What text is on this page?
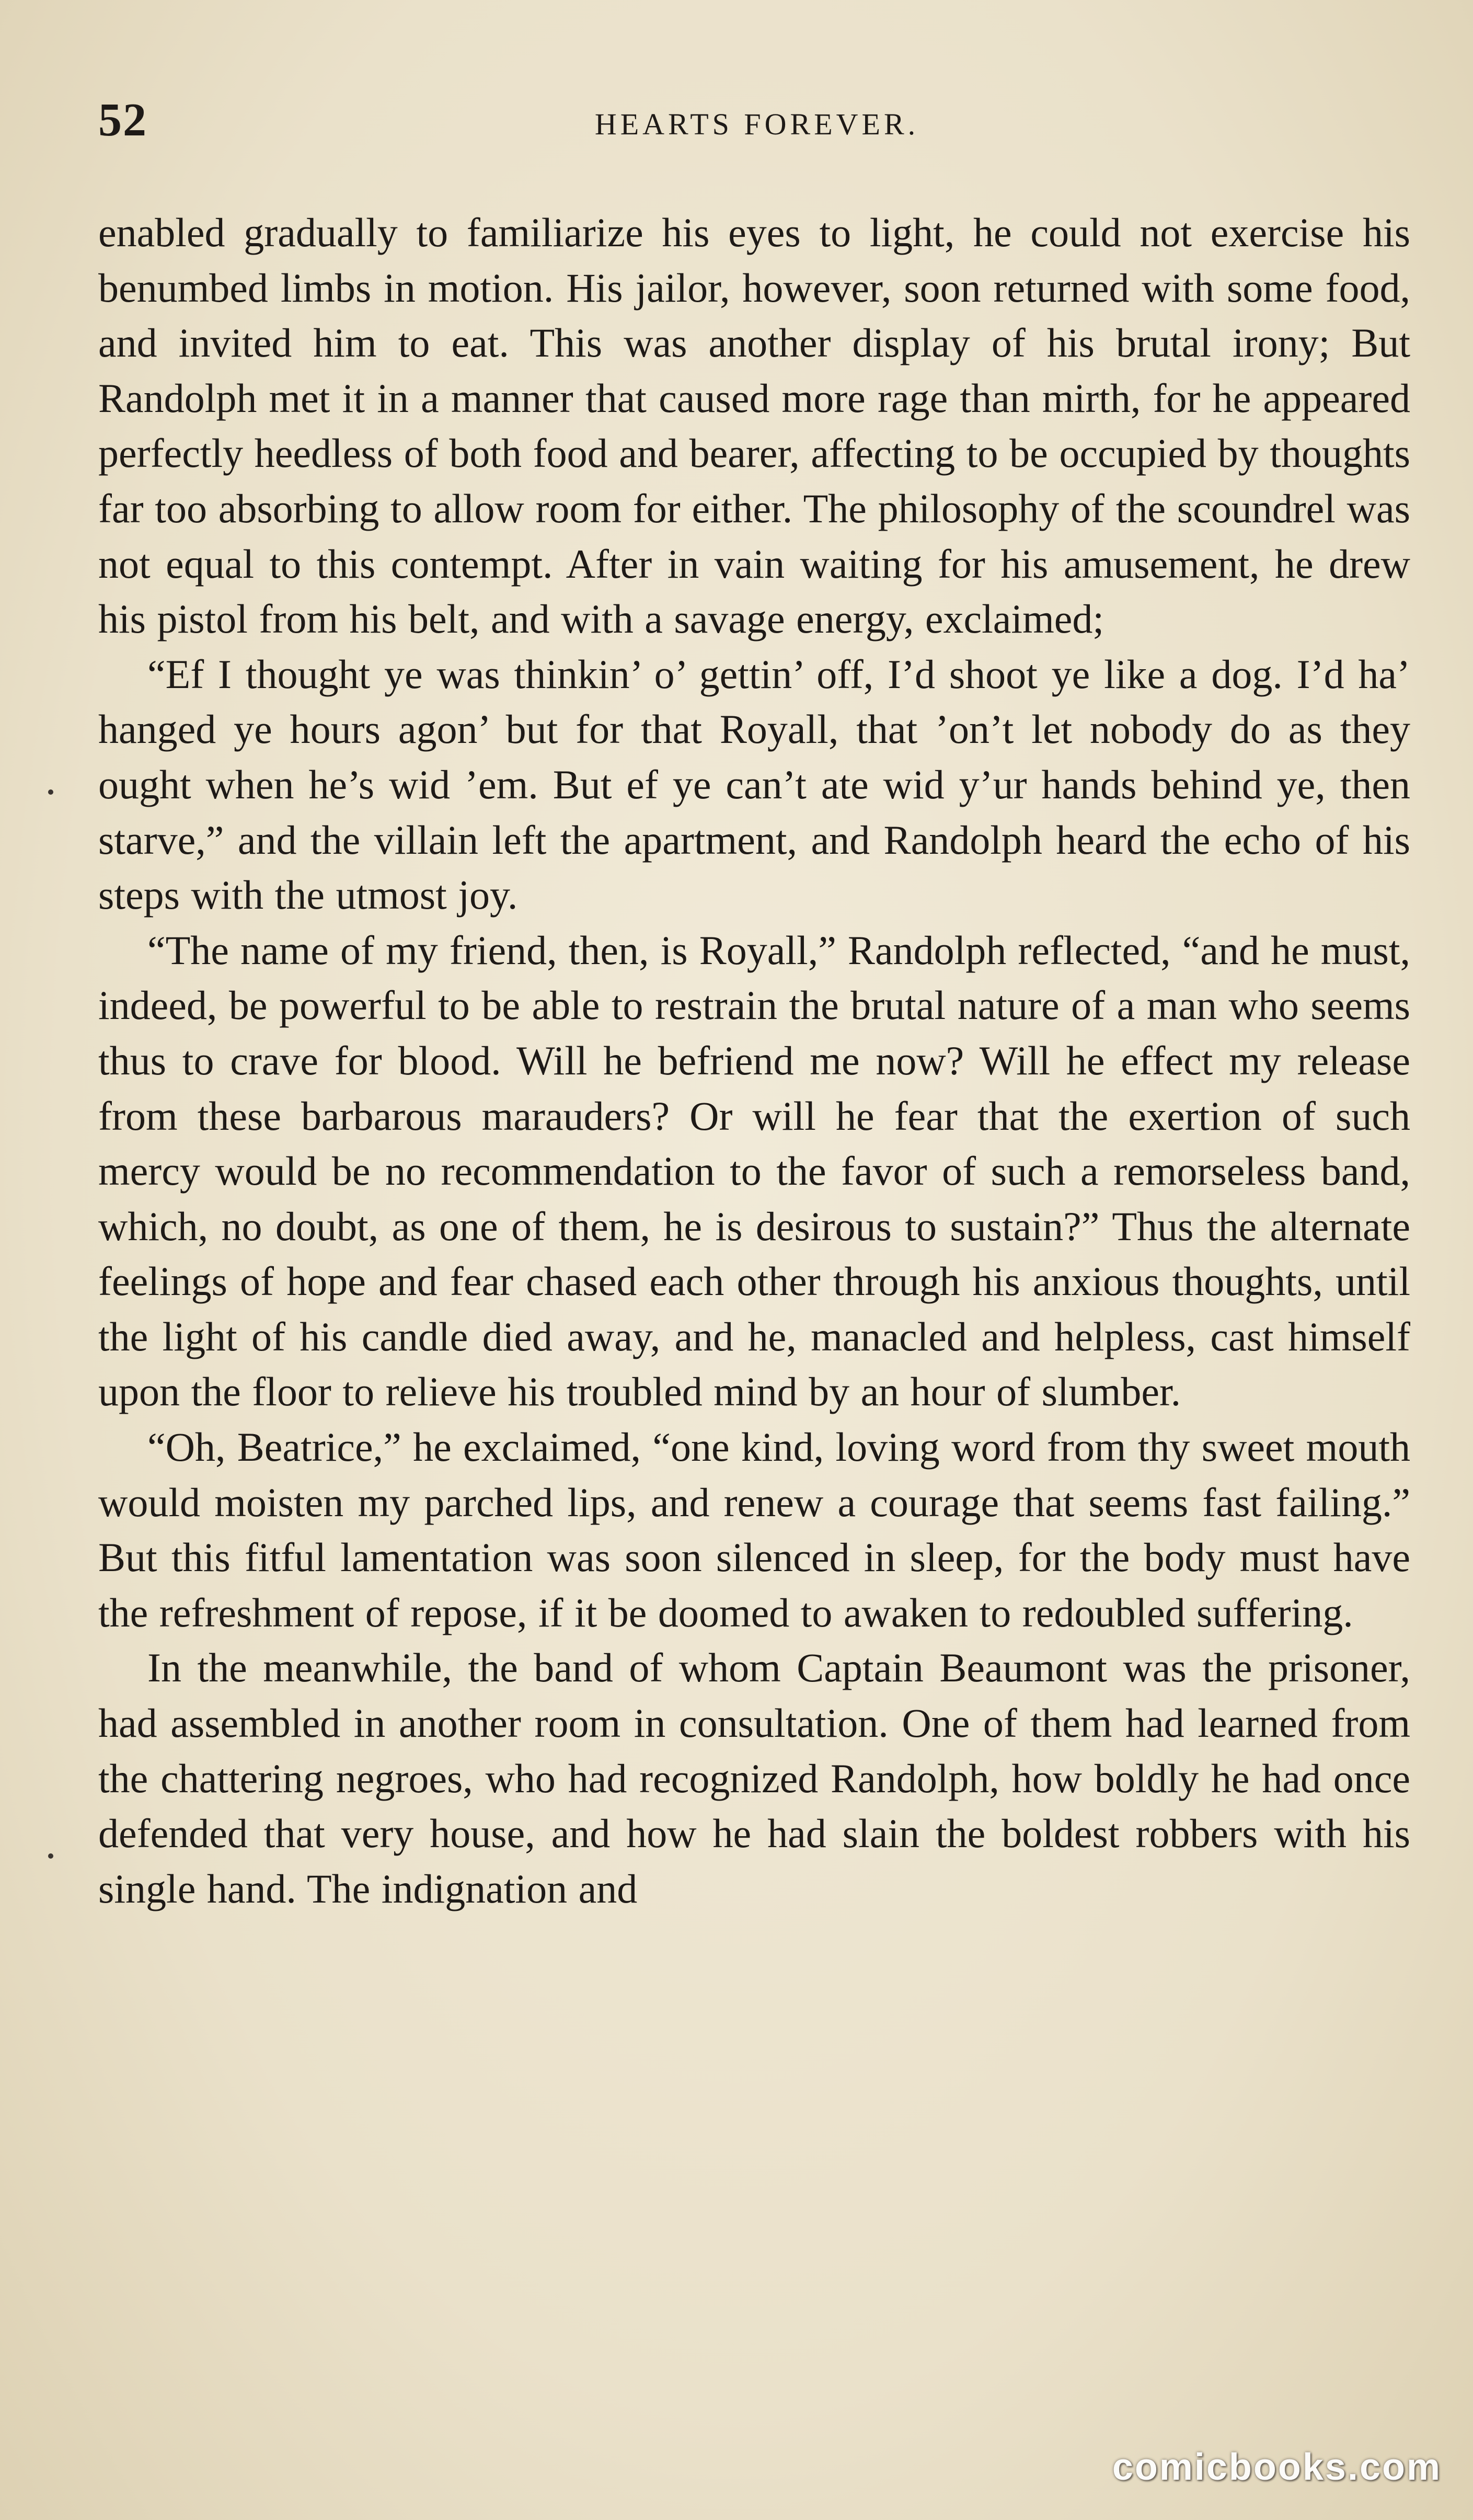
52	HEARTS FOREVER.

enabled gradually to familiarize his eyes to light, he could not exercise his benumbed limbs in motion. His jailor, however, soon returned with some food, and invited him to eat. This was another display of his brutal irony; But Randolph met it in a manner that caused more rage than mirth, for he appeared perfectly heedless of both food and bearer, affecting to be occupied by thoughts far too absorbing to allow room for either. The philosophy of the scoundrel was not equal to this contempt. After in vain waiting for his amusement, he drew his pistol from his belt, and with a savage energy, exclaimed;

“Ef I thought ye was thinkin’ o’ gettin’ off, I’d shoot ye like a dog. I’d ha’ hanged ye hours agon’ but for that Royall, that ’on’t let nobody do as they ought when he’s wid ’em. But ef ye can’t ate wid y’ur hands behind ye, then starve,” and the villain left the apartment, and Randolph heard the echo of his steps with the utmost joy.

“The name of my friend, then, is Royall,” Randolph reflected, “and he must, indeed, be powerful to be able to restrain the brutal nature of a man who seems thus to crave for blood. Will he befriend me now? Will he effect my release from these barbarous marauders? Or will he fear that the exertion of such mercy would be no recommendation to the favor of such a remorseless band, which, no doubt, as one of them, he is desirous to sustain?” Thus the alternate feelings of hope and fear chased each other through his anxious thoughts, until the light of his candle died away, and he, manacled and helpless, cast himself upon the floor to relieve his troubled mind by an hour of slumber.

“Oh, Beatrice,” he exclaimed, “one kind, loving word from thy sweet mouth would moisten my parched lips, and renew a courage that seems fast failing.” But this fitful lamentation was soon silenced in sleep, for the body must have the refreshment of repose, if it be doomed to awaken to redoubled suffering.

In the meanwhile, the band of whom Captain Beaumont was the prisoner, had assembled in another room in consultation. One of them had learned from the chattering negroes, who had recognized Randolph, how boldly he had once defended that very house, and how he had slain the boldest robbers with his single hand. The indignation and

comicbooks.com
